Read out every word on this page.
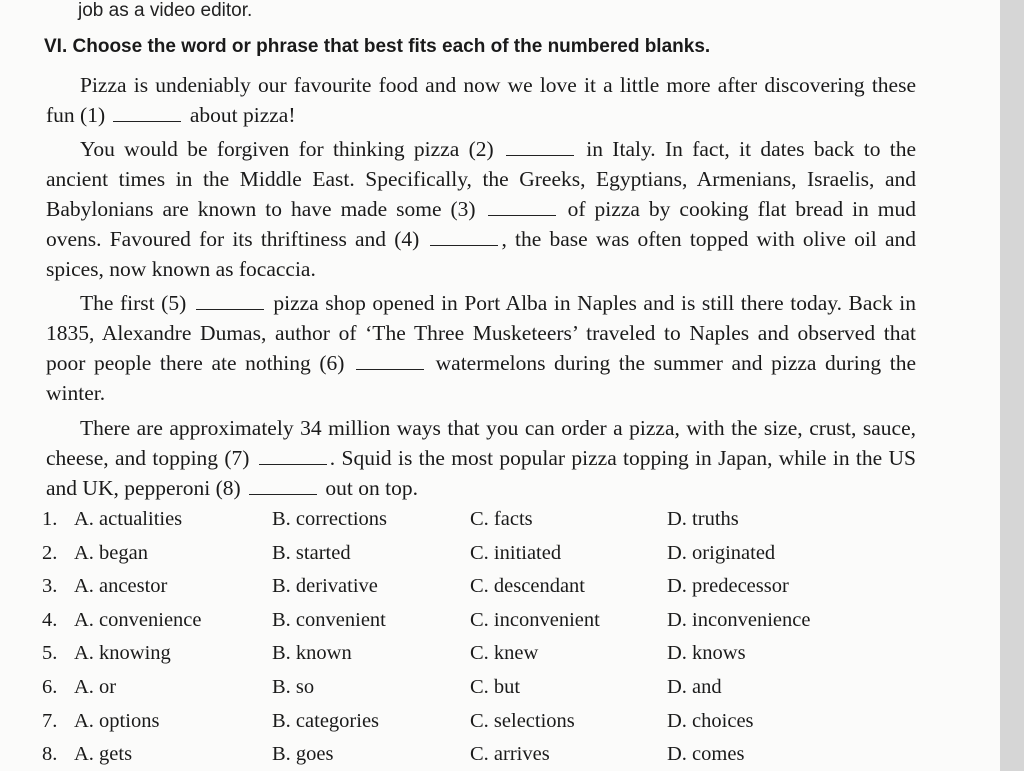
job as a video editor.
VI. Choose the word or phrase that best fits each of the numbered blanks.
Pizza is undeniably our favourite food and now we love it a little more after discovering these fun (1)	about pizza!
You would be forgiven for thinking pizza (2)	in Italy. In fact, it dates back to the ancient times in the Middle East. Specifically, the Greeks, Egyptians, Armenians, Israelis, and Babylonians are known to have made some (3)	of pizza by cooking flat bread in mud ovens. Favoured for its thriftiness and (4)	, the base was often topped with olive oil and spices, now known as focaccia.
The first (5)	pizza shop opened in Port Alba in Naples and is still there today. Back in 1835, Alexandre Dumas, author of ‘The Three Musketeers’ traveled to Naples and observed that poor people there ate nothing (6)	watermelons during the summer and pizza during the winter.
There are approximately 34 million ways that you can order a pizza, with the size, crust, sauce, cheese, and topping (7)	. Squid is the most popular pizza topping in Japan, while in the US and UK, pepperoni (8)	out on top.
1. A. actualities	B. corrections	C. facts	D. truths
2. A. began	B. started	C. initiated	D. originated
3. A. ancestor	B. derivative	C. descendant	D. predecessor
4. A. convenience	B. convenient	C. inconvenient	D. inconvenience
5. A. knowing	B. known	C. knew	D. knows
6. A. or	B. so	C. but	D. and
7. A. options	B. categories	C. selections	D. choices
8. A. gets	B. goes	C. arrives	D. comes
